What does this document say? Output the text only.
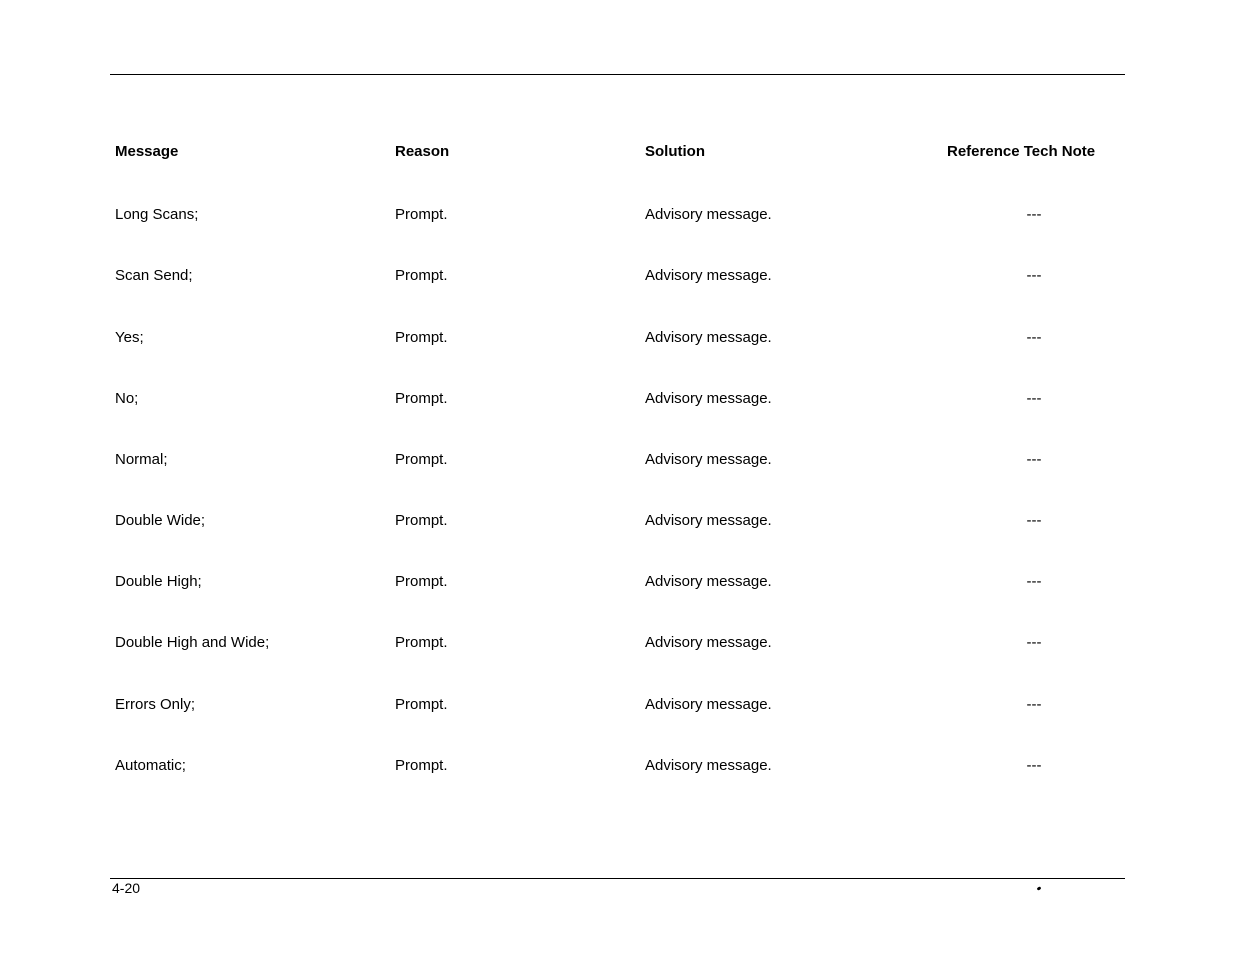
Message	Reason	Solution	Reference Tech Note
Long Scans;	Prompt.	Advisory message.	---
Scan Send;	Prompt.	Advisory message.	---
Yes;	Prompt.	Advisory message.	---
No;	Prompt.	Advisory message.	---
Normal;	Prompt.	Advisory message.	---
Double Wide;	Prompt.	Advisory message.	---
Double High;	Prompt.	Advisory message.	---
Double High and Wide;	Prompt.	Advisory message.	---
Errors Only;	Prompt.	Advisory message.	---
Automatic;	Prompt.	Advisory message.	---
4-20
